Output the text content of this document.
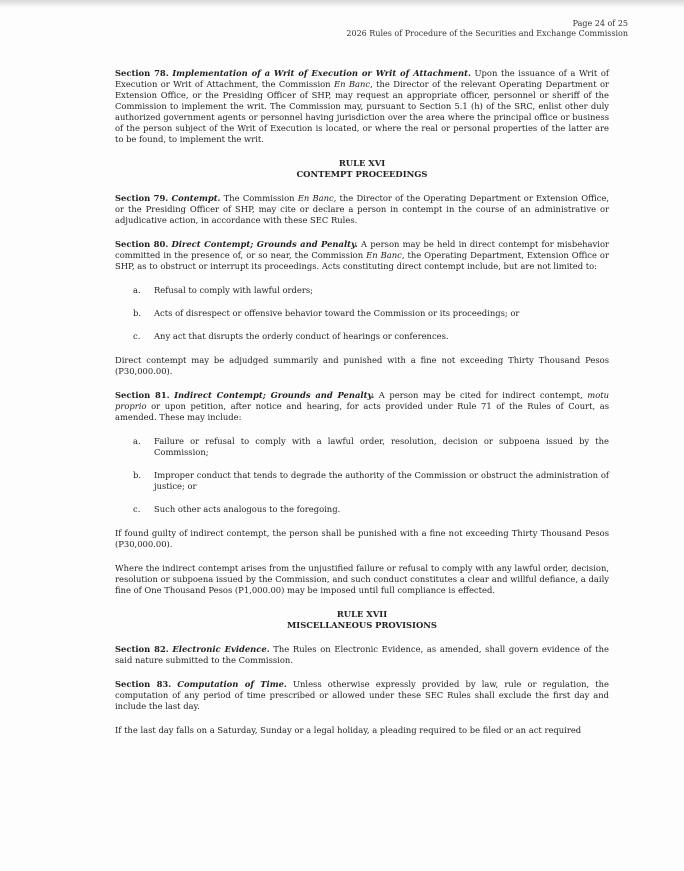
Page 24 of 25
2026 Rules of Procedure of the Securities and Exchange Commission

Section 78. Implementation of a Writ of Execution or Writ of Attachment. Upon the issuance of a Writ of Execution or Writ of Attachment, the Commission En Banc, the Director of the relevant Operating Department or Extension Office, or the Presiding Officer of SHP, may request an appropriate officer, personnel or sheriff of the Commission to implement the writ. The Commission may, pursuant to Section 5.1 (h) of the SRC, enlist other duly authorized government agents or personnel having jurisdiction over the area where the principal office or business of the person subject of the Writ of Execution is located, or where the real or personal properties of the latter are to be found, to implement the writ.

RULE XVI
CONTEMPT PROCEEDINGS

Section 79. Contempt. The Commission En Banc, the Director of the Operating Department or Extension Office, or the Presiding Officer of SHP, may cite or declare a person in contempt in the course of an administrative or adjudicative action, in accordance with these SEC Rules.

Section 80. Direct Contempt; Grounds and Penalty. A person may be held in direct contempt for misbehavior committed in the presence of, or so near, the Commission En Banc, the Operating Department, Extension Office or SHP, as to obstruct or interrupt its proceedings. Acts constituting direct contempt include, but are not limited to:

a.	Refusal to comply with lawful orders;
b.	Acts of disrespect or offensive behavior toward the Commission or its proceedings; or
c.	Any act that disrupts the orderly conduct of hearings or conferences.

Direct contempt may be adjudged summarily and punished with a fine not exceeding Thirty Thousand Pesos (P30,000.00).

Section 81. Indirect Contempt; Grounds and Penalty. A person may be cited for indirect contempt, motu proprio or upon petition, after notice and hearing, for acts provided under Rule 71 of the Rules of Court, as amended. These may include:

a.	Failure or refusal to comply with a lawful order, resolution, decision or subpoena issued by the Commission;
b.	Improper conduct that tends to degrade the authority of the Commission or obstruct the administration of justice; or
c.	Such other acts analogous to the foregoing.

If found guilty of indirect contempt, the person shall be punished with a fine not exceeding Thirty Thousand Pesos (P30,000.00).

Where the indirect contempt arises from the unjustified failure or refusal to comply with any lawful order, decision, resolution or subpoena issued by the Commission, and such conduct constitutes a clear and willful defiance, a daily fine of One Thousand Pesos (P1,000.00) may be imposed until full compliance is effected.

RULE XVII
MISCELLANEOUS PROVISIONS

Section 82. Electronic Evidence. The Rules on Electronic Evidence, as amended, shall govern evidence of the said nature submitted to the Commission.

Section 83. Computation of Time. Unless otherwise expressly provided by law, rule or regulation, the computation of any period of time prescribed or allowed under these SEC Rules shall exclude the first day and include the last day.

If the last day falls on a Saturday, Sunday or a legal holiday, a pleading required to be filed or an act required
